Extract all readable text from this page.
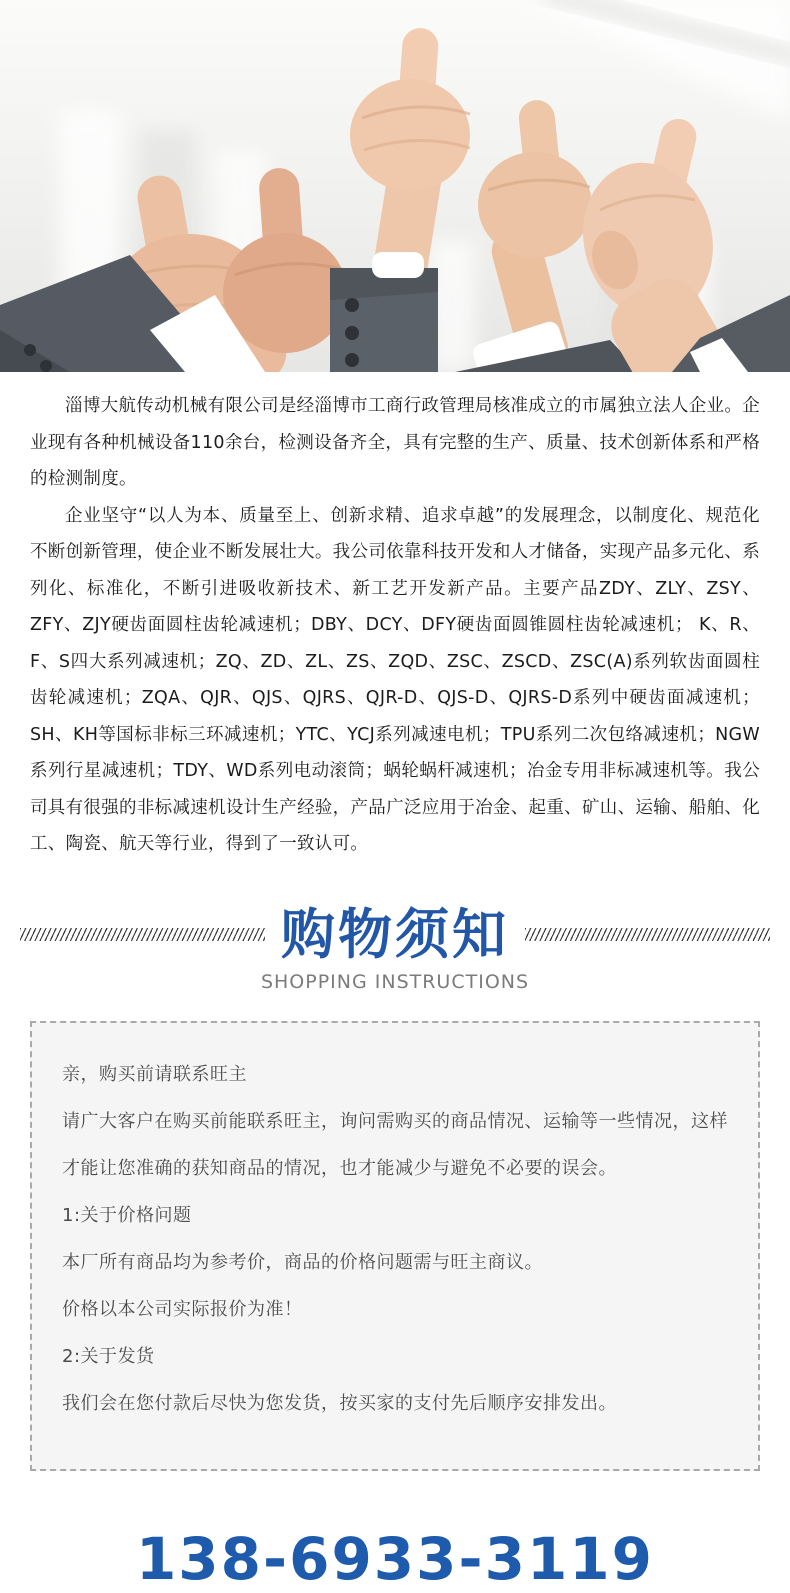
淄博大航传动机械有限公司是经淄博市工商行政管理局核准成立的市属独立法人企业。企业现有各种机械设备110余台，检测设备齐全，具有完整的生产、质量、技术创新体系和严格的检测制度。

企业坚守“以人为本、质量至上、创新求精、追求卓越”的发展理念，以制度化、规范化不断创新管理，使企业不断发展壮大。我公司依靠科技开发和人才储备，实现产品多元化、系列化、标准化，不断引进吸收新技术、新工艺开发新产品。主要产品ZDY、ZLY、ZSY、ZFY、ZJY硬齿面圆柱齿轮减速机；DBY、DCY、DFY硬齿面圆锥圆柱齿轮减速机； K、R、F、S四大系列减速机；ZQ、ZD、ZL、ZS、ZQD、ZSC、ZSCD、ZSC(A)系列软齿面圆柱齿轮减速机；ZQA、QJR、QJS、QJRS、QJR-D、QJS-D、QJRS-D系列中硬齿面减速机；SH、KH等国标非标三环减速机；YTC、YCJ系列减速电机；TPU系列二次包络减速机；NGW系列行星减速机；TDY、WD系列电动滚筒；蜗轮蜗杆减速机；冶金专用非标减速机等。我公司具有很强的非标减速机设计生产经验，产品广泛应用于冶金、起重、矿山、运输、船舶、化工、陶瓷、航天等行业，得到了一致认可。

购物须知
SHOPPING INSTRUCTIONS

亲，购买前请联系旺主

请广大客户在购买前能联系旺主，询问需购买的商品情况、运输等一些情况，这样才能让您准确的获知商品的情况，也才能减少与避免不必要的误会。

1:关于价格问题

本厂所有商品均为参考价，商品的价格问题需与旺主商议。

价格以本公司实际报价为准！

2:关于发货

我们会在您付款后尽快为您发货，按买家的支付先后顺序安排发出。

138-6933-3119
